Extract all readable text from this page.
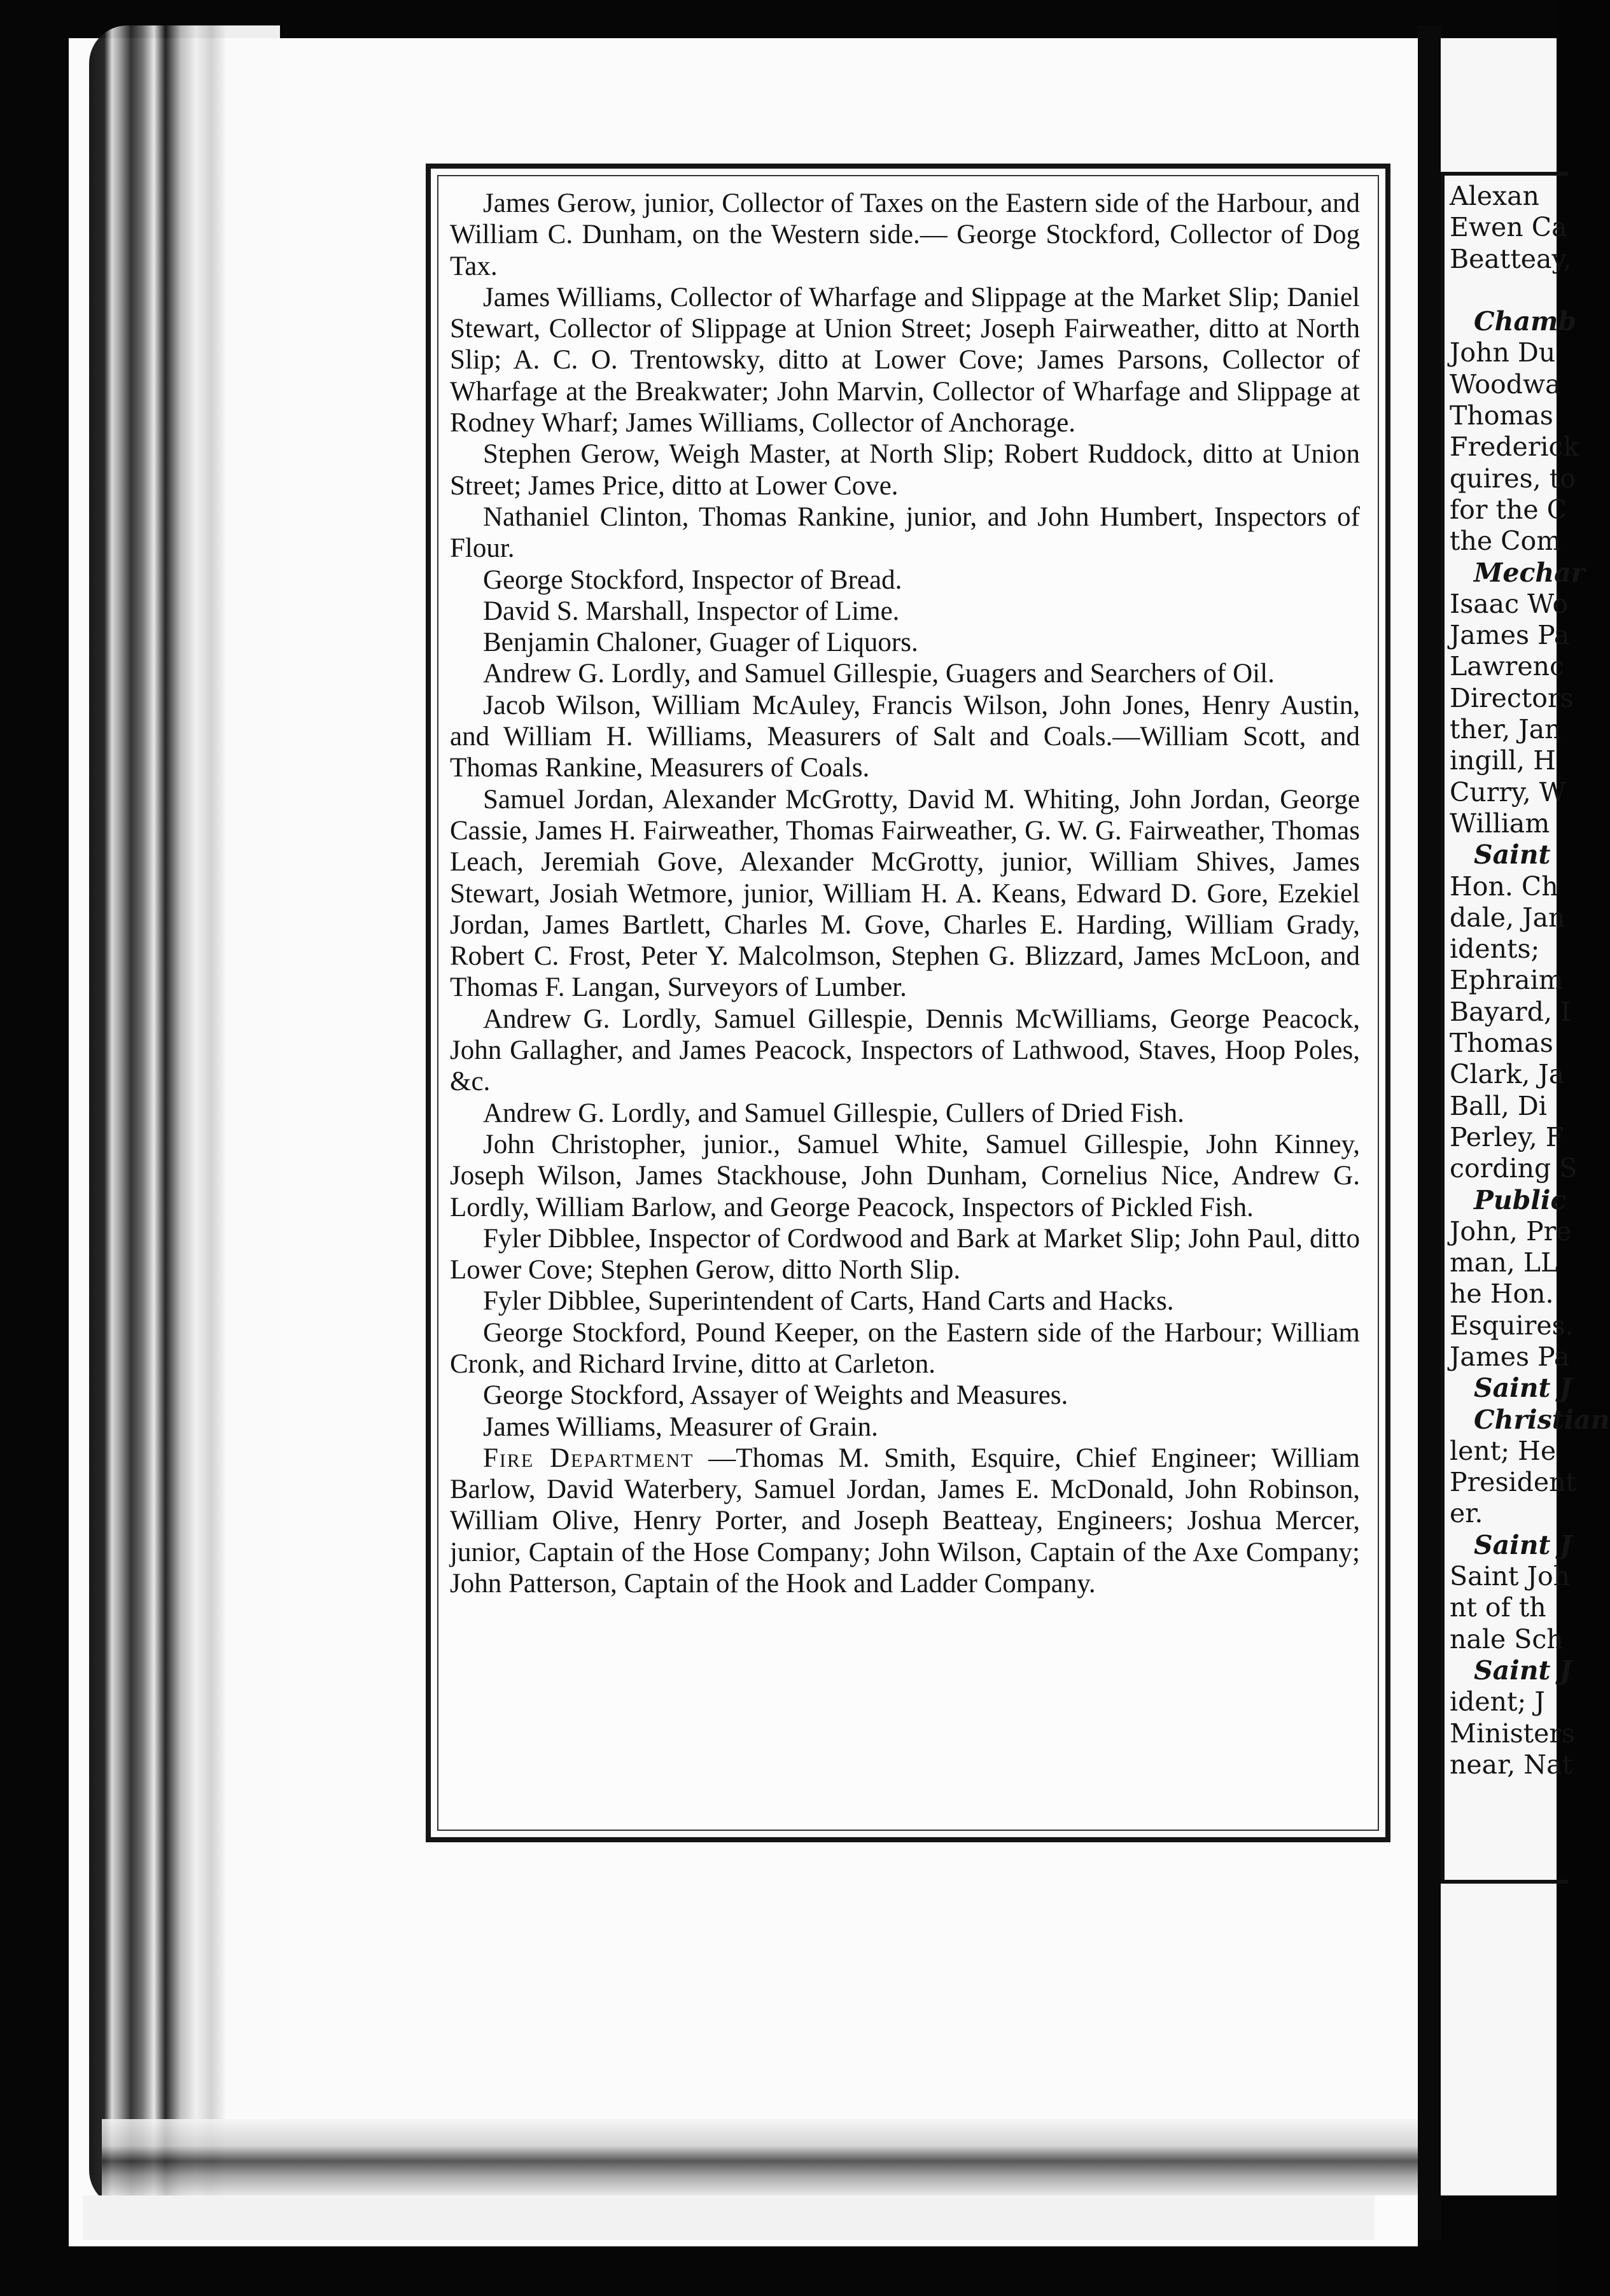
Alexan
Ewen Ca
Beatteay,
Chamb
John Du
Woodwa
Thomas
Frederick
quires, to
for the C
the Com
Mechar
Isaac Wo
James Pa
Lawrenc
Directors
ther, Jan
ingill, H
Curry, W
William
Saint
Hon. Ch
dale, Jan
idents;
Ephraim
Bayard, I
Thomas
Clark, Ja
Ball, Di
Perley, F
cording S
Public
John, Pre
man, LL
he Hon.
Esquires.
James Pa
Saint J
Christian
lent; He
President
er.
Saint J
Saint Joh
nt of th
nale Sch
Saint J
ident; J
Ministers
near, Nat

James Gerow, junior, Collector of Taxes on the Eastern side of the Harbour, and William C. Dunham, on the Western side.— George Stockford, Collector of Dog Tax.

James Williams, Collector of Wharfage and Slippage at the Market Slip; Daniel Stewart, Collector of Slippage at Union Street; Joseph Fairweather, ditto at North Slip; A. C. O. Trentowsky, ditto at Lower Cove; James Parsons, Collector of Wharfage at the Breakwater; John Marvin, Collector of Wharfage and Slippage at Rodney Wharf; James Williams, Collector of Anchorage.

Stephen Gerow, Weigh Master, at North Slip; Robert Ruddock, ditto at Union Street; James Price, ditto at Lower Cove.

Nathaniel Clinton, Thomas Rankine, junior, and John Humbert, Inspectors of Flour.

George Stockford, Inspector of Bread.

David S. Marshall, Inspector of Lime.

Benjamin Chaloner, Guager of Liquors.

Andrew G. Lordly, and Samuel Gillespie, Guagers and Searchers of Oil.

Jacob Wilson, William McAuley, Francis Wilson, John Jones, Henry Austin, and William H. Williams, Measurers of Salt and Coals.—William Scott, and Thomas Rankine, Measurers of Coals.

Samuel Jordan, Alexander McGrotty, David M. Whiting, John Jordan, George Cassie, James H. Fairweather, Thomas Fairweather, G. W. G. Fairweather, Thomas Leach, Jeremiah Gove, Alexander McGrotty, junior, William Shives, James Stewart, Josiah Wetmore, junior, William H. A. Keans, Edward D. Gore, Ezekiel Jordan, James Bartlett, Charles M. Gove, Charles E. Harding, William Grady, Robert C. Frost, Peter Y. Malcolmson, Stephen G. Blizzard, James McLoon, and Thomas F. Langan, Surveyors of Lumber.

Andrew G. Lordly, Samuel Gillespie, Dennis McWilliams, George Peacock, John Gallagher, and James Peacock, Inspectors of Lathwood, Staves, Hoop Poles, &c.

Andrew G. Lordly, and Samuel Gillespie, Cullers of Dried Fish.

John Christopher, junior., Samuel White, Samuel Gillespie, John Kinney, Joseph Wilson, James Stackhouse, John Dunham, Cornelius Nice, Andrew G. Lordly, William Barlow, and George Peacock, Inspectors of Pickled Fish.

Fyler Dibblee, Inspector of Cordwood and Bark at Market Slip; John Paul, ditto Lower Cove; Stephen Gerow, ditto North Slip.

Fyler Dibblee, Superintendent of Carts, Hand Carts and Hacks.

George Stockford, Pound Keeper, on the Eastern side of the Harbour; William Cronk, and Richard Irvine, ditto at Carleton.

George Stockford, Assayer of Weights and Measures.

James Williams, Measurer of Grain.

Fire Department —Thomas M. Smith, Esquire, Chief Engineer; William Barlow, David Waterbery, Samuel Jordan, James E. McDonald, John Robinson, William Olive, Henry Porter, and Joseph Beatteay, Engineers; Joshua Mercer, junior, Captain of the Hose Company; John Wilson, Captain of the Axe Company; John Patterson, Captain of the Hook and Ladder Company.
